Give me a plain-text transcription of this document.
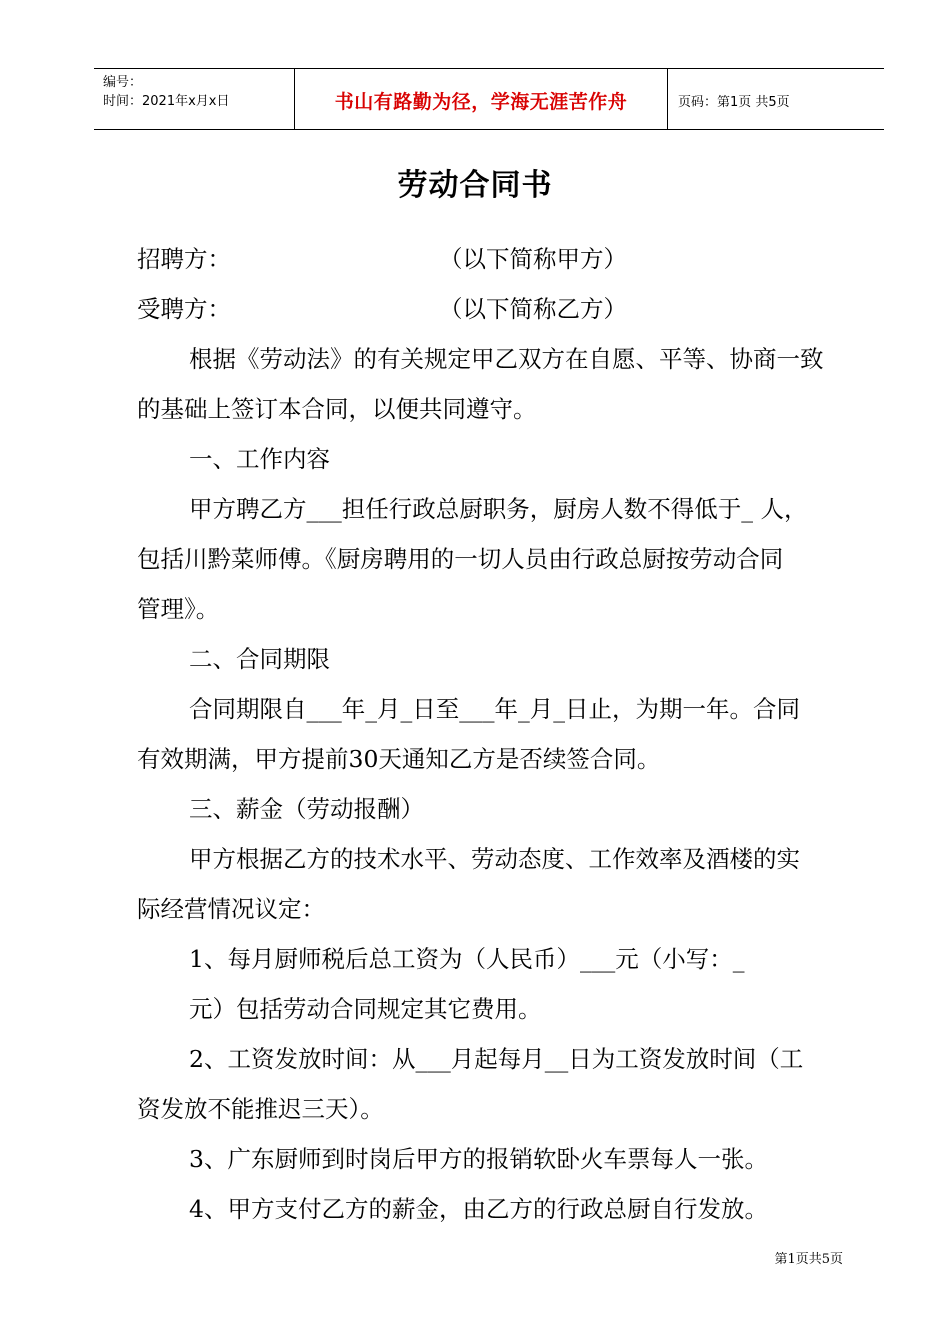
编号：
时间：2021年x月x日	书山有路勤为径，学海无涯苦作舟	页码：第1页 共5页
劳动合同书
招聘方：	（以下简称甲方）
受聘方：	（以下简称乙方）
根据《劳动法》的有关规定甲乙双方在自愿、平等、协商一致
的基础上签订本合同，以便共同遵守。
一、工作内容
甲方聘乙方___担任行政总厨职务，厨房人数不得低于_ 人，
包括川黔菜师傅。《厨房聘用的一切人员由行政总厨按劳动合同
管理》。
二、合同期限
合同期限自___年_月_日至___年_月_日止，为期一年。合同
有效期满，甲方提前30天通知乙方是否续签合同。
三、薪金（劳动报酬）
甲方根据乙方的技术水平、劳动态度、工作效率及酒楼的实
际经营情况议定：
1、每月厨师税后总工资为（人民币）___元（小写：_
元）包括劳动合同规定其它费用。
2、工资发放时间：从___月起每月__日为工资发放时间（工
资发放不能推迟三天）。
3、广东厨师到时岗后甲方的报销软卧火车票每人一张。
4、甲方支付乙方的薪金，由乙方的行政总厨自行发放。
第1页共5页
